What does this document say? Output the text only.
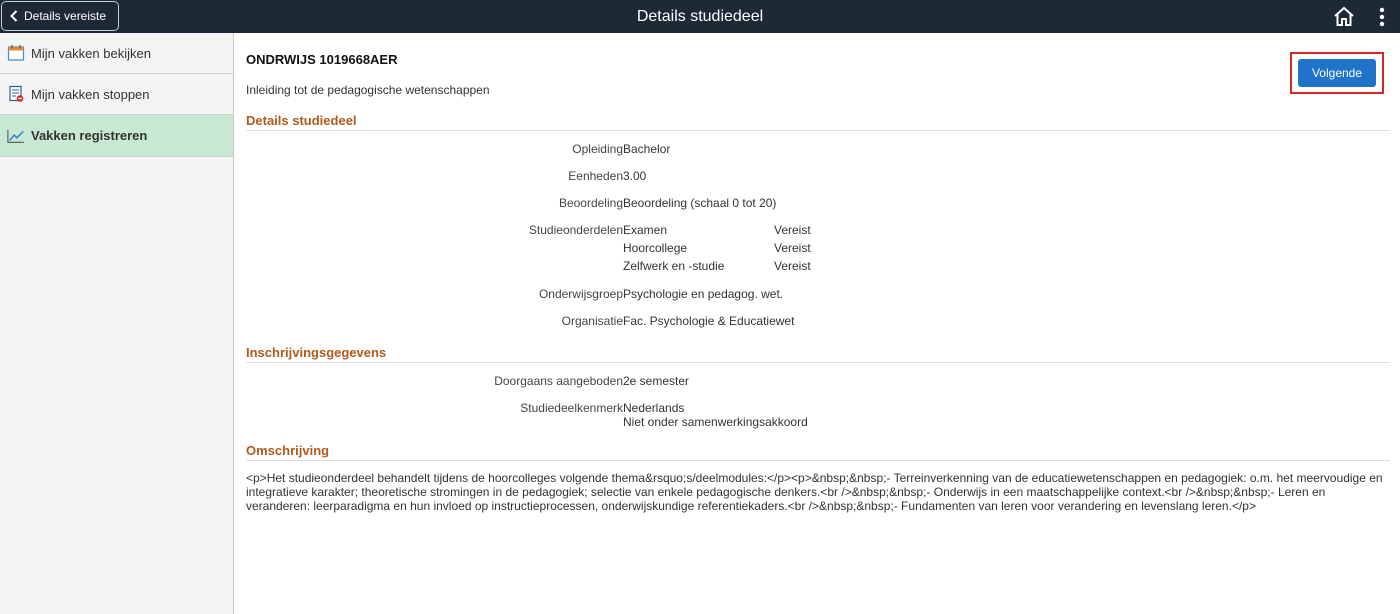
Details vereiste	Details studiedeel
Mijn vakken bekijken
Mijn vakken stoppen
Vakken registreren
ONDRWIJS 1019668AER
Inleiding tot de pedagogische wetenschappen
Volgende
Details studiedeel
Opleiding Bachelor
Eenheden 3.00
Beoordeling Beoordeling (schaal 0 tot 20)
Studieonderdelen Examen	Vereist
Hoorcollege	Vereist
Zelfwerk en -studie	Vereist
Onderwijsgroep Psychologie en pedagog. wet.
Organisatie Fac. Psychologie & Educatiewet
Inschrijvingsgegevens
Doorgaans aangeboden 2e semester
Studiedeelkenmerk Nederlands
Niet onder samenwerkingsakkoord
Omschrijving
<p>Het studieonderdeel behandelt tijdens de hoorcolleges volgende thema&rsquo;s/deelmodules:</p><p>&nbsp;&nbsp;- Terreinverkenning van de educatiewetenschappen en pedagogiek: o.m. het meervoudige en integratieve karakter; theoretische stromingen in de pedagogiek; selectie van enkele pedagogische denkers.<br />&nbsp;&nbsp;- Onderwijs in een maatschappelijke context.<br />&nbsp;&nbsp;- Leren en veranderen: leerparadigma en hun invloed op instructieprocessen, onderwijskundige referentiekaders.<br />&nbsp;&nbsp;- Fundamenten van leren voor verandering en levenslang leren.</p>
